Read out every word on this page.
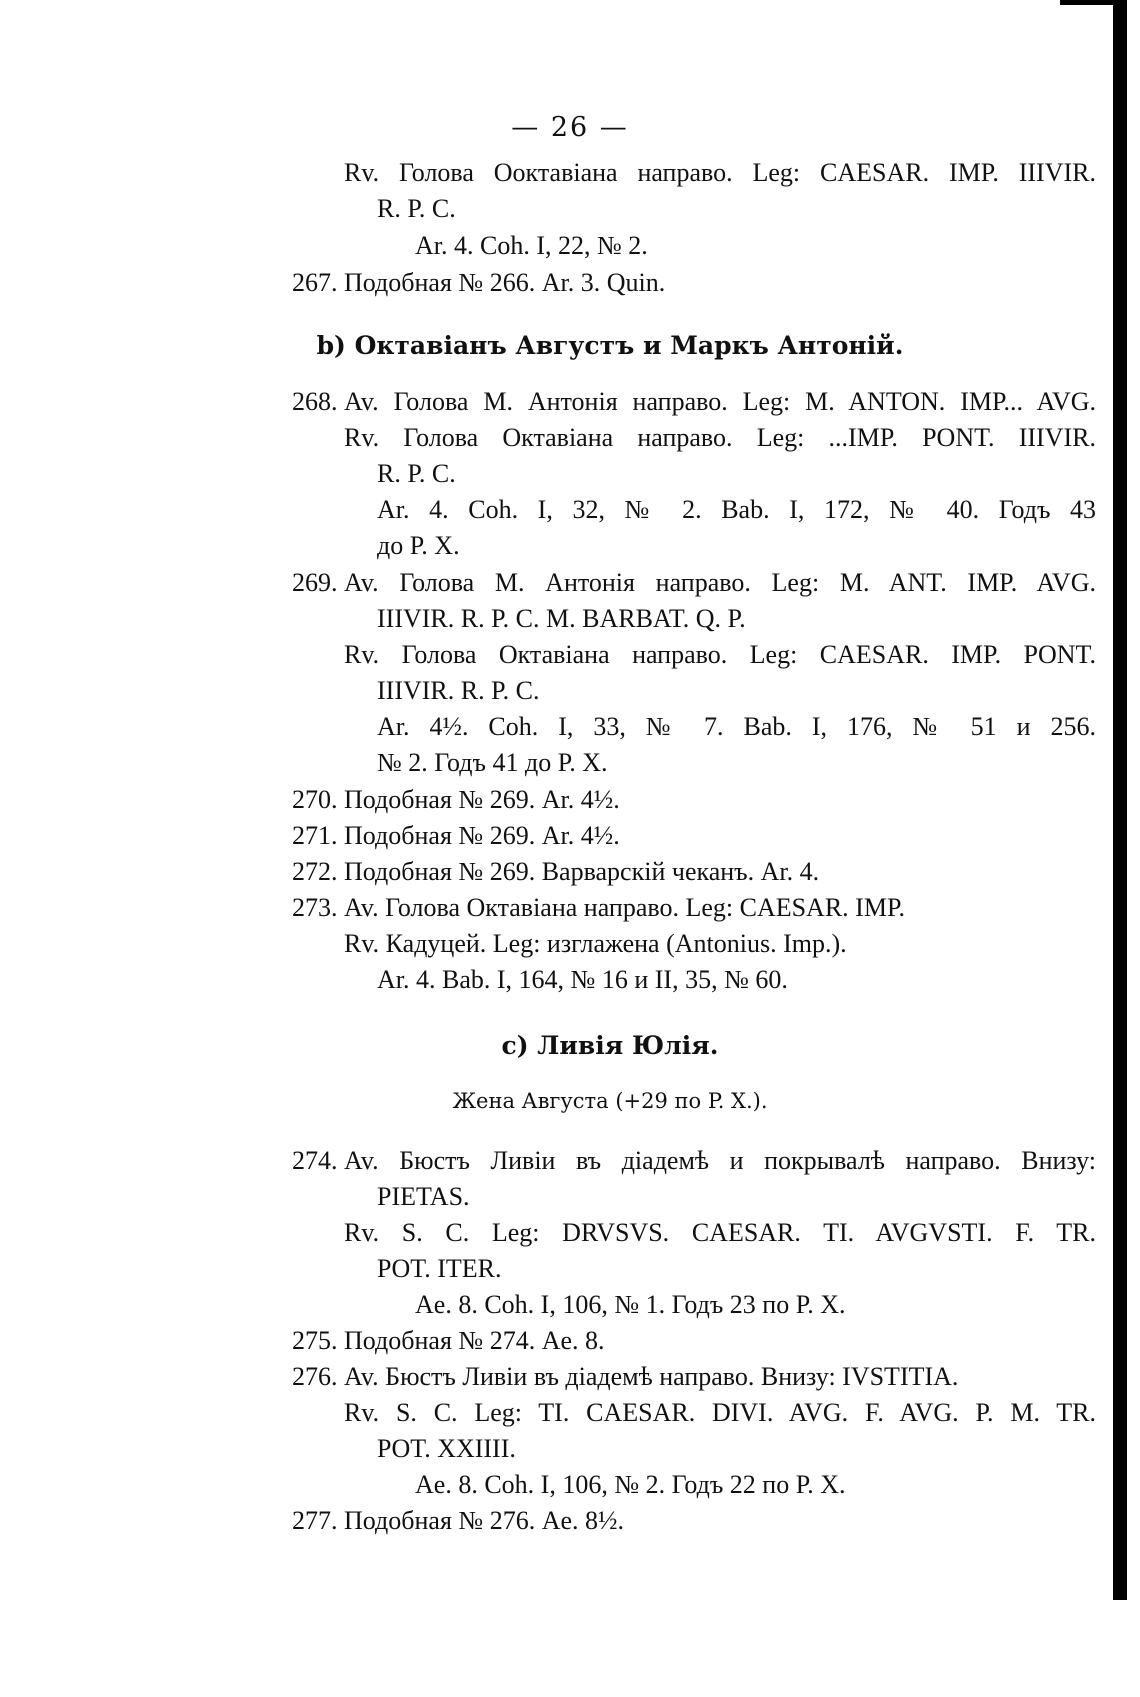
— 26 —
Rv. Голова Ооктавiана направо. Leg: CAESAR. IMP. IIIVIR.
R. P. C.
Ar. 4. Coh. I, 22, № 2.
267. Подобная № 266. Ar. 3. Quin.
b) Октавiанъ Августъ и Маркъ Антонiй.
268. Av. Голова M. Антонiя направо. Leg: M. ANTON. IMP... AVG.
Rv. Голова Октавiана направо. Leg: ...IMP. PONT. IIIVIR.
R. P. C.
Ar. 4. Coh. I, 32, № 2. Bab. I, 172, № 40. Годъ 43
до P. X.
269. Av. Голова M. Антонiя направо. Leg: M. ANT. IMP. AVG.
IIIVIR. R. P. C. M. BARBAT. Q. P.
Rv. Голова Октавiана направо. Leg: CAESAR. IMP. PONT.
IIIVIR. R. P. C.
Ar. 4½. Coh. I, 33, № 7. Bab. I, 176, № 51 и 256.
№ 2. Годъ 41 до P. X.
270. Подобная № 269. Ar. 4½.
271. Подобная № 269. Ar. 4½.
272. Подобная № 269. Варварскiй чеканъ. Ar. 4.
273. Av. Голова Октавiана направо. Leg: CAESAR. IMP.
Rv. Кадуцей. Leg: изглажена (Antonius. Imp.).
Ar. 4. Bab. I, 164, № 16 и II, 35, № 60.
c) Ливiя Юлiя.
Жена Августа (+29 по P. X.).
274. Av. Бюстъ Ливiи въ дiадемѣ и покрывалѣ направо. Внизу:
PIETAS.
Rv. S. C. Leg: DRVSVS. CAESAR. TI. AVGVSTI. F. TR.
POT. ITER.
Ae. 8. Coh. I, 106, № 1. Годъ 23 по P. X.
275. Подобная № 274. Ae. 8.
276. Av. Бюстъ Ливiи въ дiадемѣ направо. Внизу: IVSTITIA.
Rv. S. C. Leg: TI. CAESAR. DIVI. AVG. F. AVG. P. M. TR.
POT. XXIIII.
Ae. 8. Coh. I, 106, № 2. Годъ 22 по P. X.
277. Подобная № 276. Ae. 8½.
